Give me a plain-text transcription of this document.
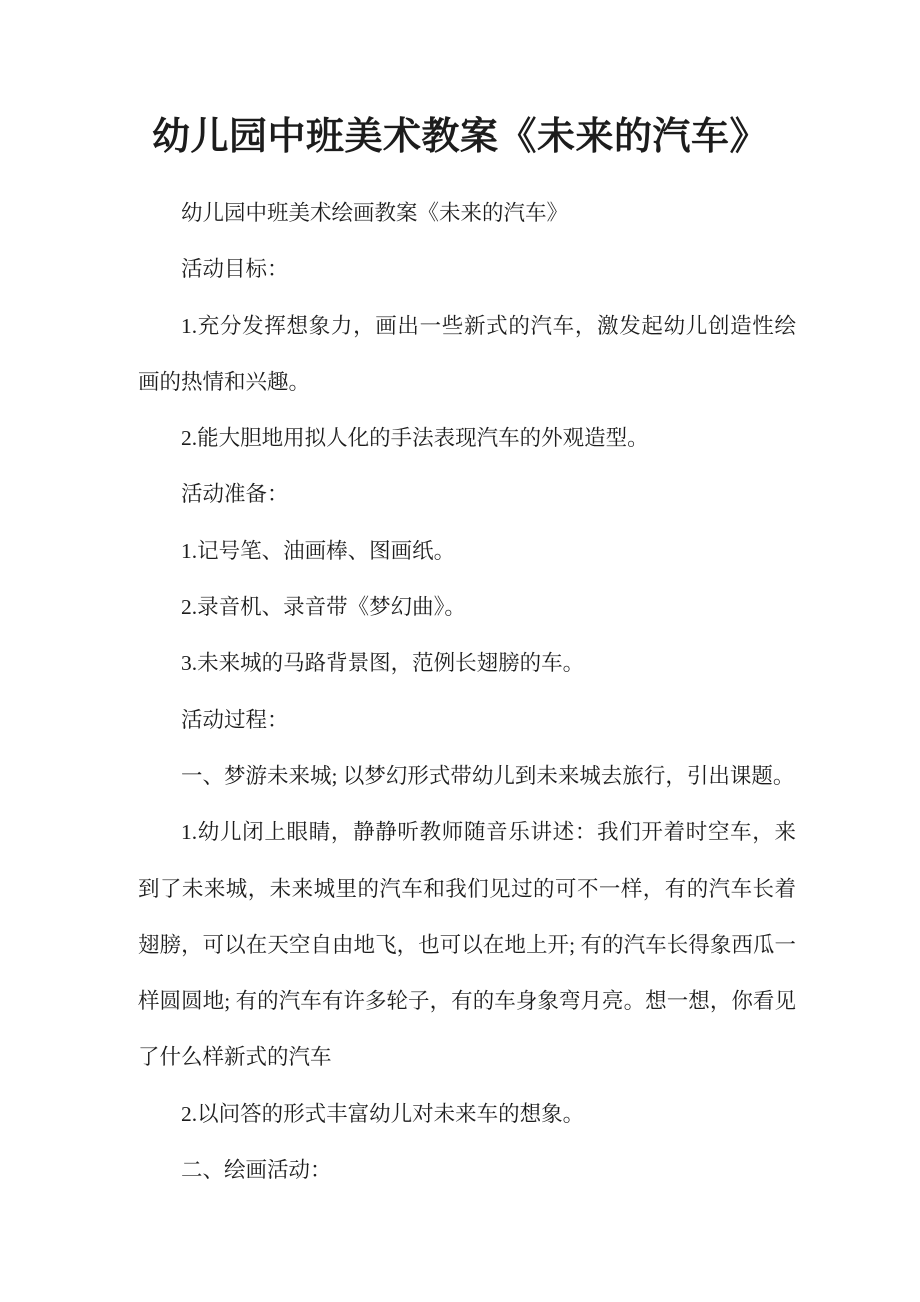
幼儿园中班美术教案《未来的汽车》

幼儿园中班美术绘画教案《未来的汽车》

活动目标：

1.充分发挥想象力，画出一些新式的汽车，激发起幼儿创造性绘画的热情和兴趣。

2.能大胆地用拟人化的手法表现汽车的外观造型。

活动准备：

1.记号笔、油画棒、图画纸。

2.录音机、录音带《梦幻曲》。

3.未来城的马路背景图，范例长翅膀的车。

活动过程：

一、梦游未来城; 以梦幻形式带幼儿到未来城去旅行，引出课题。

1.幼儿闭上眼睛，静静听教师随音乐讲述：我们开着时空车，来到了未来城，未来城里的汽车和我们见过的可不一样，有的汽车长着翅膀，可以在天空自由地飞，也可以在地上开; 有的汽车长得象西瓜一样圆圆地; 有的汽车有许多轮子，有的车身象弯月亮。想一想，你看见了什么样新式的汽车

2.以问答的形式丰富幼儿对未来车的想象。

二、绘画活动：
